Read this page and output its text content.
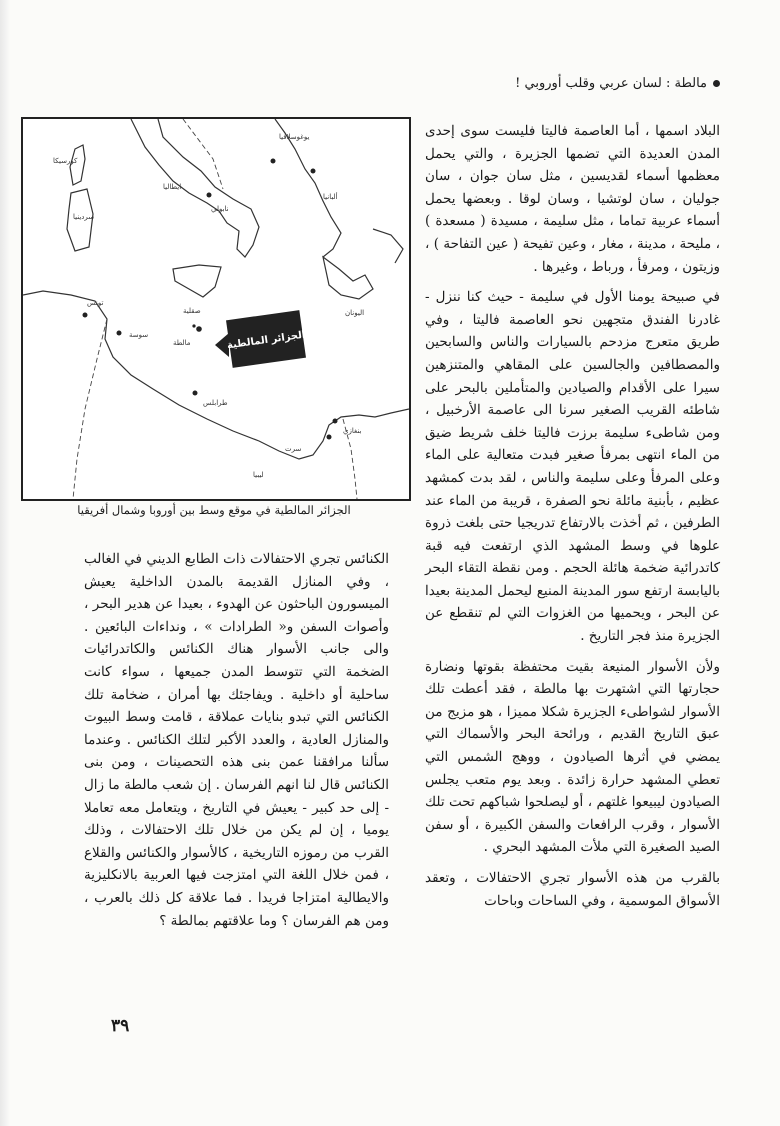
مالطة : لسان عربي وقلب أوروبي !

البلاد اسمها ، أما العاصمة فاليتا فليست سوى إحدى المدن العديدة التي تضمها الجزيرة ، والتي يحمل معظمها أسماء لقديسين ، مثل سان جوان ، سان جوليان ، سان لوتشيا ، وسان لوقا . وبعضها يحمل أسماء عربية تماما ، مثل سليمة ، مسيدة ( مسعدة ) ، مليحة ، مدينة ، مغار ، وعين تفيحة ( عين التفاحة ) ، وزيتون ، ومرفأ ، ورباط ، وغيرها .

في صبيحة يومنا الأول في سليمة - حيث كنا ننزل - غادرنا الفندق متجهين نحو العاصمة فاليتا ، وفي طريق متعرج مزدحم بالسيارات والناس والسابحين والمصطافين والجالسين على المقاهي والمتنزهين سيرا على الأقدام والصيادين والمتأملين بالبحر على شاطئه القريب الصغير سرنا الى عاصمة الأرخبيل ، ومن شاطىء سليمة برزت فاليتا خلف شريط ضيق من الماء انتهى بمرفأ صغير فبدت متعالية على الماء وعلى المرفأ وعلى سليمة والناس ، لقد بدت كمشهد عظيم ، بأبنية مائلة نحو الصفرة ، قريبة من الماء عند الطرفين ، ثم أخذت بالارتفاع تدريجيا حتى بلغت ذروة علوها في وسط المشهد الذي ارتفعت فيه قبة كاتدرائية ضخمة هائلة الحجم . ومن نقطة التقاء البحر باليابسة ارتفع سور المدينة المنيع ليحمل المدينة بعيدا عن البحر ، ويحميها من الغزوات التي لم تنقطع عن الجزيرة منذ فجر التاريخ .

ولأن الأسوار المنيعة بقيت محتفظة بقوتها ونضارة حجارتها التي اشتهرت بها مالطة ، فقد أعطت تلك الأسوار لشواطىء الجزيرة شكلا مميزا ، هو مزيج من عبق التاريخ القديم ، ورائحة البحر والأسماك التي يمضي في أثرها الصيادون ، ووهج الشمس التي تعطي المشهد حرارة زائدة . وبعد يوم متعب يجلس الصيادون ليبيعوا غلتهم ، أو ليصلحوا شباكهم تحت تلك الأسوار ، وقرب الرافعات والسفن الكبيرة ، أو سفن الصيد الصغيرة التي ملأت المشهد البحري .

بالقرب من هذه الأسوار تجري الاحتفالات ، وتعقد الأسواق الموسمية ، وفي الساحات وباحات

كورسيكا
سردينيا
ايطاليا
نابولي
يوغوسلافيا
ألبانيا
اليونان
صقلية
تونس
سوسة
مالطة
طرابلس
ليبيا
سرت
بنغازي
الجزائر المالطية
الجزائر المالطية في موقع وسط بين أوروبا وشمال أفريقيا

الكنائس تجري الاحتفالات ذات الطابع الديني في الغالب ، وفي المنازل القديمة بالمدن الداخلية يعيش الميسورون الباحثون عن الهدوء ، بعيدا عن هدير البحر ، وأصوات السفن و« الطرادات » ، ونداءات البائعين . والى جانب الأسوار هناك الكنائس والكاتدرائيات الضخمة التي تتوسط المدن جميعها ، سواء كانت ساحلية أو داخلية . ويفاجئك بها أمران ، ضخامة تلك الكنائس التي تبدو بنايات عملاقة ، قامت وسط البيوت والمنازل العادية ، والعدد الأكبر لتلك الكنائس . وعندما سألنا مرافقنا عمن بنى هذه التحصينات ، ومن بنى الكنائس قال لنا انهم الفرسان . إن شعب مالطة ما زال - إلى حد كبير - يعيش في التاريخ ، ويتعامل معه تعاملا يوميا ، إن لم يكن من خلال تلك الاحتفالات ، وذلك القرب من رموزه التاريخية ، كالأسوار والكنائس والقلاع ، فمن خلال اللغة التي امتزجت فيها العربية بالانكليزية والايطالية امتزاجا فريدا . فما علاقة كل ذلك بالعرب ، ومن هم الفرسان ؟ وما علاقتهم بمالطة ؟

٣٩
